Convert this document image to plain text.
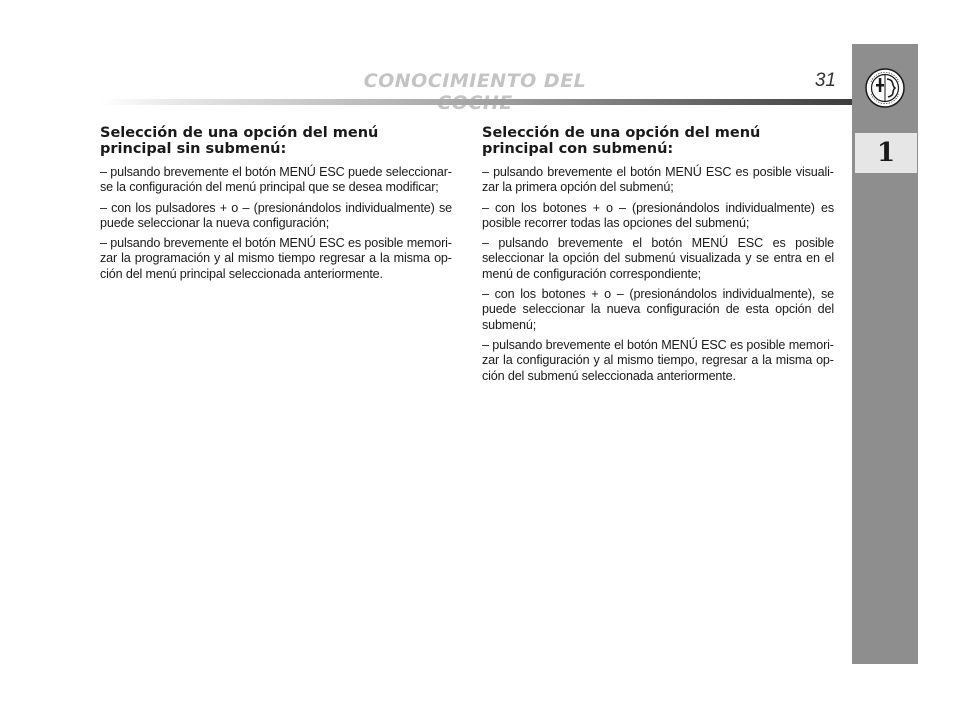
CONOCIMIENTO DEL	31
1
Selección de una opción del menú principal sin submenú:

– pulsando brevemente el botón MENÚ ESC puede seleccionarse la configuración del menú principal que se desea modificar;

– con los pulsadores + o – (presionándolos individualmente) se puede seleccionar la nueva configuración;

– pulsando brevemente el botón MENÚ ESC es posible memorizar la programación y al mismo tiempo regresar a la misma opción del menú principal seleccionada anteriormente.

Selección de una opción del menú principal con submenú:

– pulsando brevemente el botón MENÚ ESC es posible visualizar la primera opción del submenú;

– con los botones + o – (presionándolos individualmente) es posible recorrer todas las opciones del submenú;

– pulsando brevemente el botón MENÚ ESC es posible seleccionar la opción del submenú visualizada y se entra en el menú de configuración correspondiente;

– con los botones + o – (presionándolos individualmente), se puede seleccionar la nueva configuración de esta opción del submenú;

– pulsando brevemente el botón MENÚ ESC es posible memorizar la configuración y al mismo tiempo, regresar a la misma opción del submenú seleccionada anteriormente.
